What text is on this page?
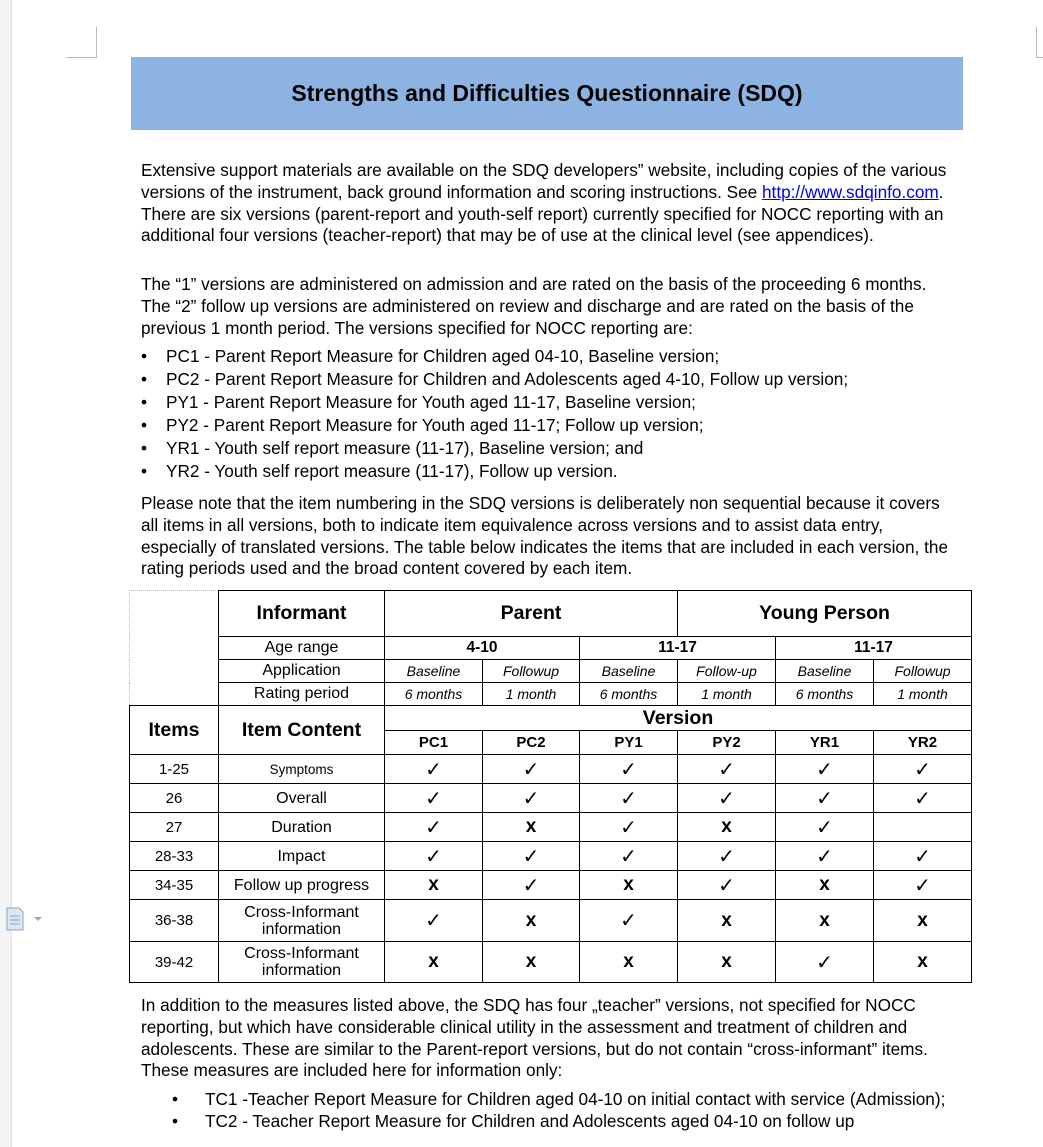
Strengths and Difficulties Questionnaire (SDQ)

Extensive support materials are available on the SDQ developers” website, including copies of the various versions of the instrument, back ground information and scoring instructions. See http://www.sdqinfo.com. There are six versions (parent-report and youth-self report) currently specified for NOCC reporting with an additional four versions (teacher-report) that may be of use at the clinical level (see appendices).

The “1” versions are administered on admission and are rated on the basis of the proceeding 6 months. The “2” follow up versions are administered on review and discharge and are rated on the basis of the previous 1 month period. The versions specified for NOCC reporting are:

• PC1 - Parent Report Measure for Children aged 04-10, Baseline version;
• PC2 - Parent Report Measure for Children and Adolescents aged 4-10, Follow up version;
• PY1 - Parent Report Measure for Youth aged 11-17, Baseline version;
• PY2 - Parent Report Measure for Youth aged 11-17; Follow up version;
• YR1 - Youth self report measure (11-17), Baseline version; and
• YR2 - Youth self report measure (11-17), Follow up version.

Please note that the item numbering in the SDQ versions is deliberately non sequential because it covers all items in all versions, both to indicate item equivalence across versions and to assist data entry, especially of translated versions. The table below indicates the items that are included in each version, the rating periods used and the broad content covered by each item.

	Informant	Parent			Young Person		
	Age range	4-10		11-17		11-17	
	Application	Baseline	Followup	Baseline	Follow-up	Baseline	Followup
	Rating period	6 months	1 month	6 months	1 month	6 months	1 month
Items	Item Content	Version					
		PC1	PC2	PY1	PY2	YR1	YR2
1-25	Symptoms	✓	✓	✓	✓	✓	✓
26	Overall	✓	✓	✓	✓	✓	✓
27	Duration	✓	x	✓	x	✓	
28-33	Impact	✓	✓	✓	✓	✓	✓
34-35	Follow up progress	x	✓	x	✓	x	✓
36-38	Cross-Informant information	✓	x	✓	x	x	x
39-42	Cross-Informant information	x	x	x	x	✓	x

In addition to the measures listed above, the SDQ has four „teacher” versions, not specified for NOCC reporting, but which have considerable clinical utility in the assessment and treatment of children and adolescents. These are similar to the Parent-report versions, but do not contain “cross-informant” items. These measures are included here for information only:

• TC1 -Teacher Report Measure for Children aged 04-10 on initial contact with service (Admission);
• TC2 - Teacher Report Measure for Children and Adolescents aged 04-10 on follow up
